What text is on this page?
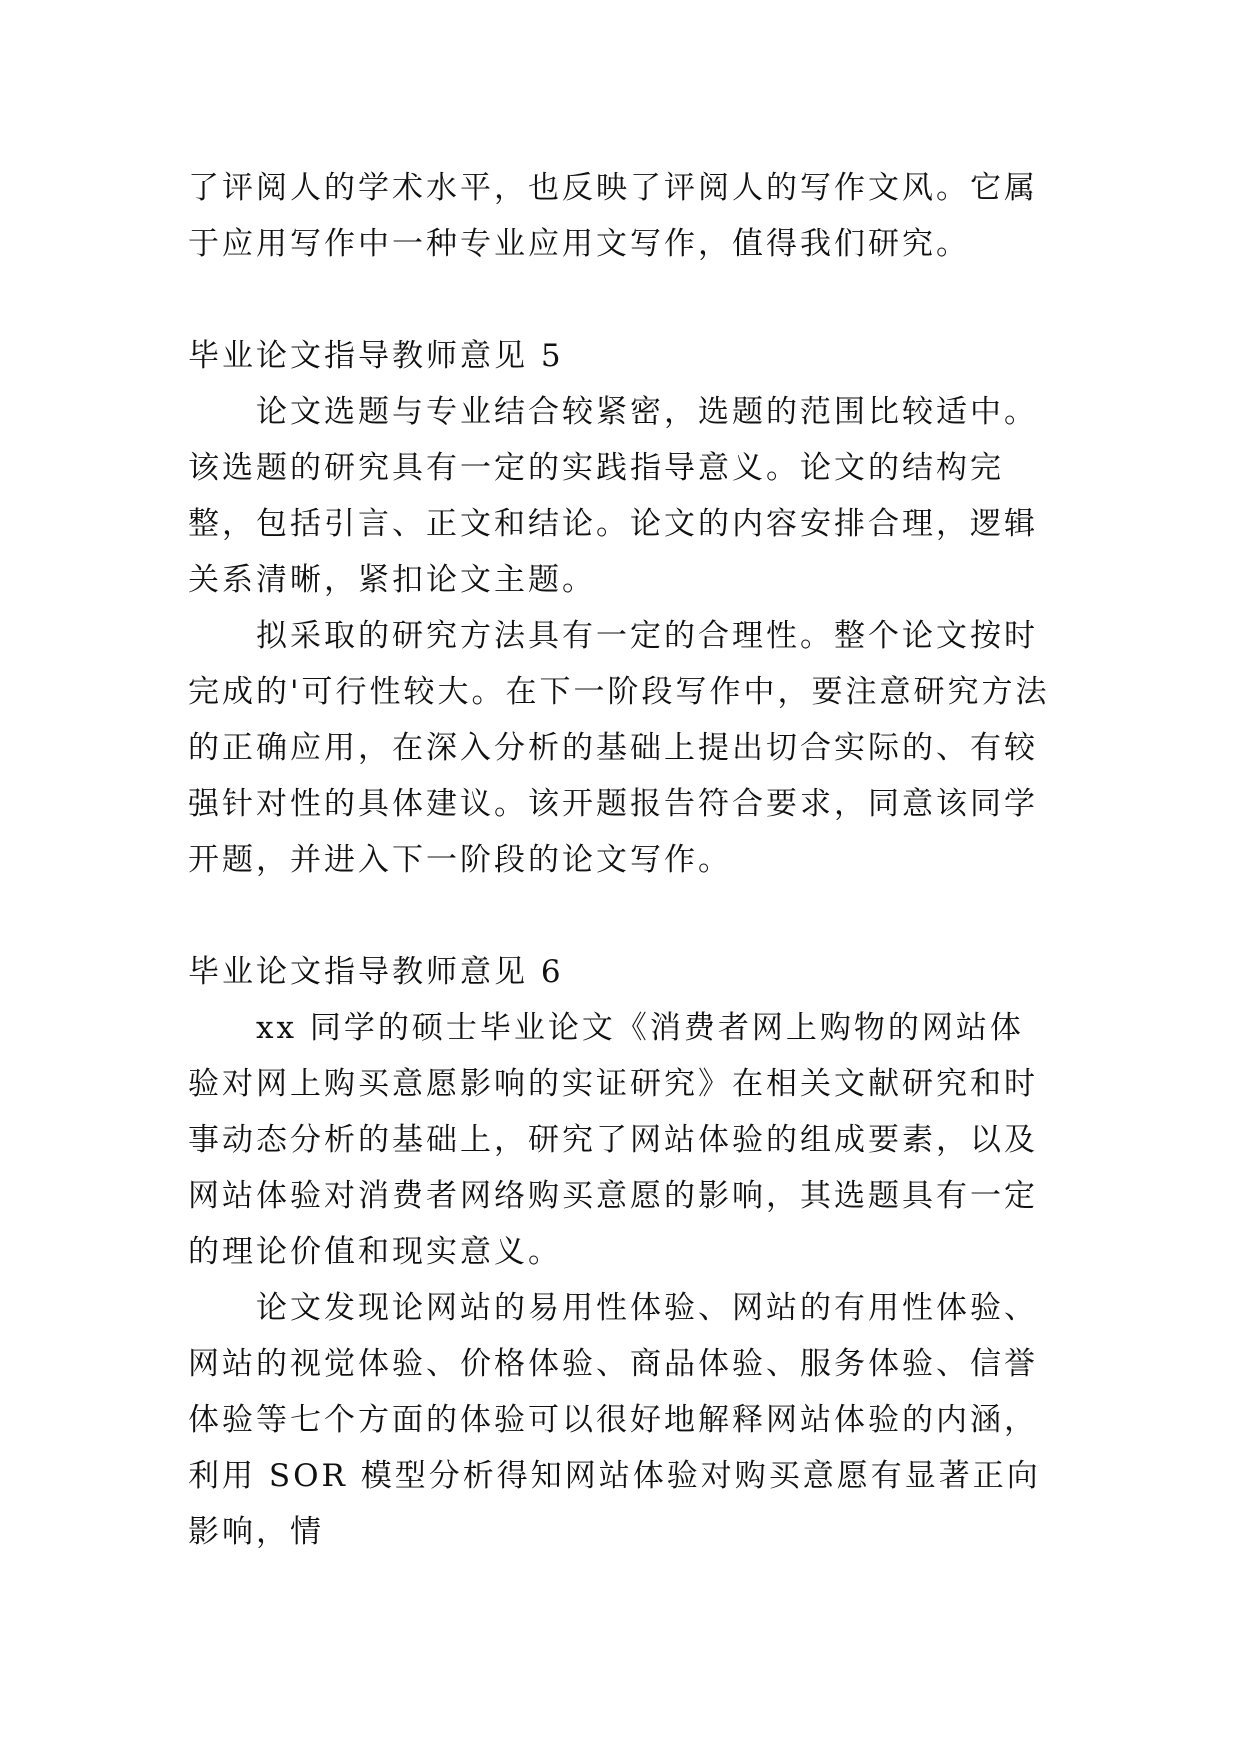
了评阅人的学术水平，也反映了评阅人的写作文风。它属于应用写作中一种专业应用文写作，值得我们研究。

毕业论文指导教师意见 5

论文选题与专业结合较紧密，选题的范围比较适中。该选题的研究具有一定的实践指导意义。论文的结构完整，包括引言、正文和结论。论文的内容安排合理，逻辑关系清晰，紧扣论文主题。

拟采取的研究方法具有一定的合理性。整个论文按时完成的'可行性较大。在下一阶段写作中，要注意研究方法的正确应用，在深入分析的基础上提出切合实际的、有较强针对性的具体建议。该开题报告符合要求，同意该同学开题，并进入下一阶段的论文写作。

毕业论文指导教师意见 6

xx 同学的硕士毕业论文《消费者网上购物的网站体验对网上购买意愿影响的实证研究》在相关文献研究和时事动态分析的基础上，研究了网站体验的组成要素，以及网站体验对消费者网络购买意愿的影响，其选题具有一定的理论价值和现实意义。

论文发现论网站的易用性体验、网站的有用性体验、网站的视觉体验、价格体验、商品体验、服务体验、信誉体验等七个方面的体验可以很好地解释网站体验的内涵，利用 SOR 模型分析得知网站体验对购买意愿有显著正向影响，情
